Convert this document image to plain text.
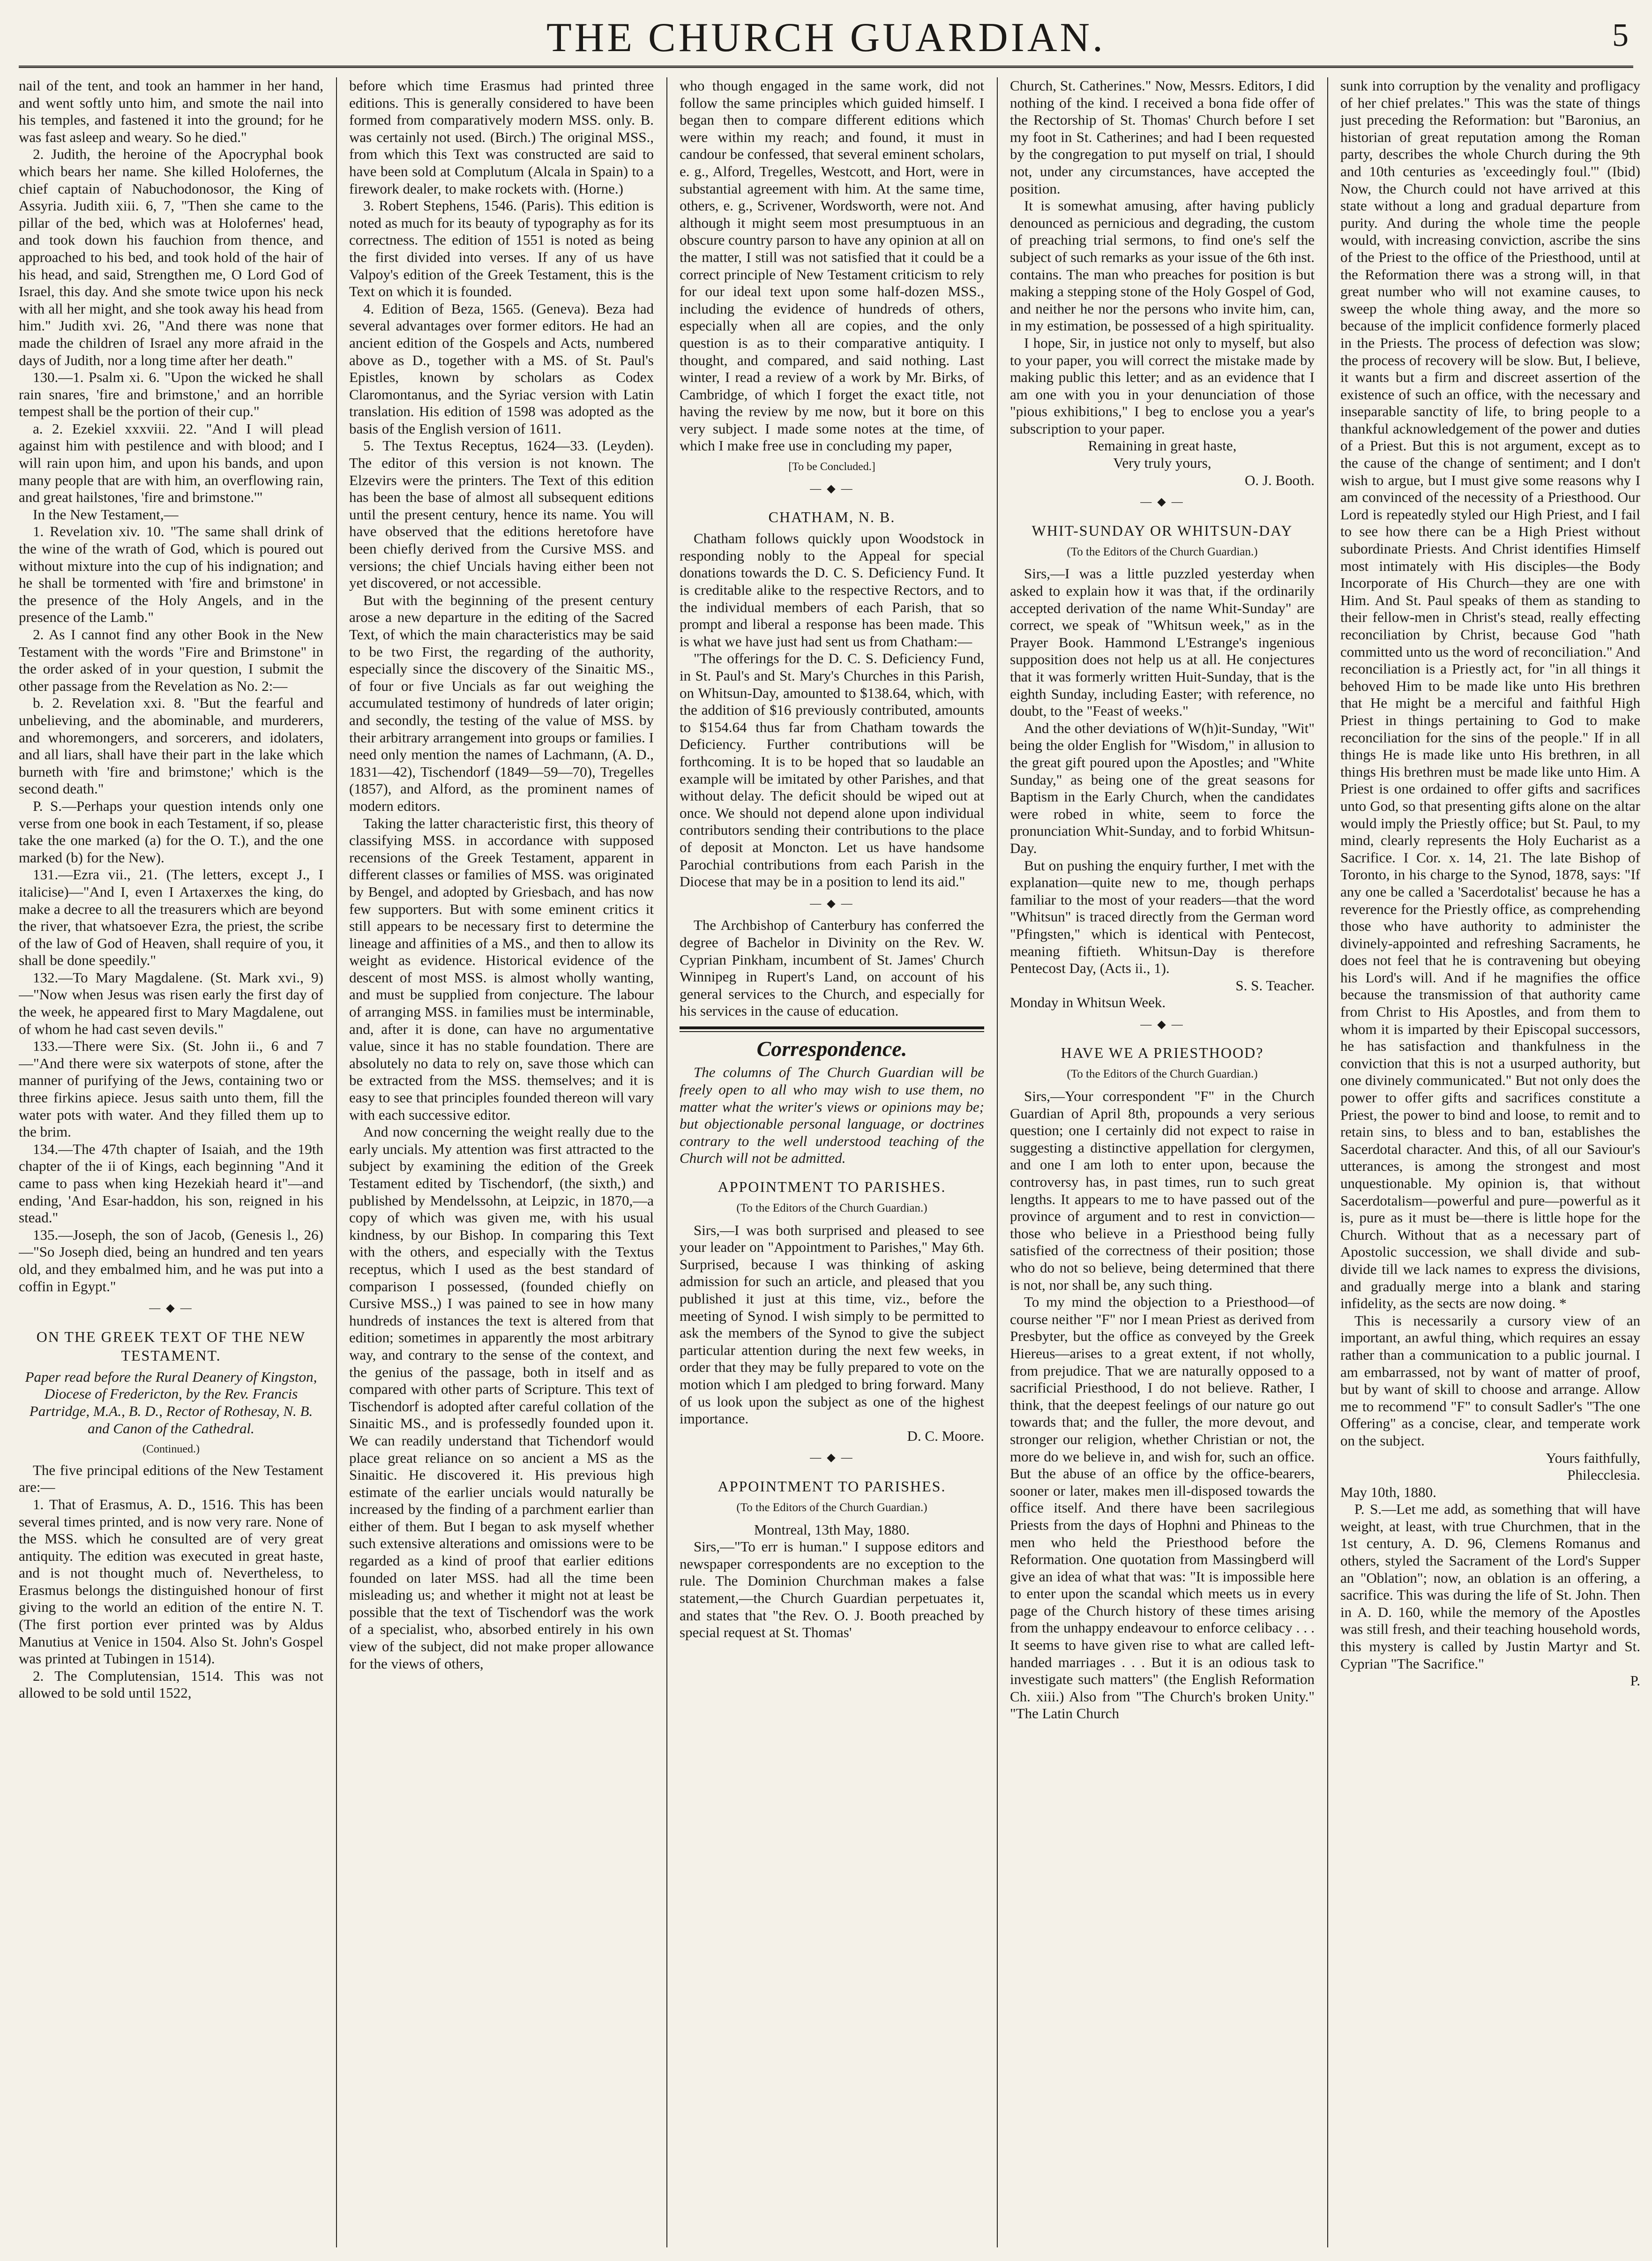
THE CHURCH GUARDIAN.	5

nail of the tent, and took an hammer in her hand, and went softly unto him, and smote the nail into his temples, and fastened it into the ground; for he was fast asleep and weary. So he died."

2. Judith, the heroine of the Apocryphal book which bears her name. She killed Holofernes, the chief captain of Nabuchodonosor, the King of Assyria. Judith xiii. 6, 7, "Then she came to the pillar of the bed, which was at Holofernes' head, and took down his fauchion from thence, and approached to his bed, and took hold of the hair of his head, and said, Strengthen me, O Lord God of Israel, this day. And she smote twice upon his neck with all her might, and she took away his head from him." Judith xvi. 26, "And there was none that made the children of Israel any more afraid in the days of Judith, nor a long time after her death."

130.—1. Psalm xi. 6. "Upon the wicked he shall rain snares, 'fire and brimstone,' and an horrible tempest shall be the portion of their cup."

a. 2. Ezekiel xxxviii. 22. "And I will plead against him with pestilence and with blood; and I will rain upon him, and upon his bands, and upon many people that are with him, an overflowing rain, and great hailstones, 'fire and brimstone.'"

In the New Testament,—

1. Revelation xiv. 10. "The same shall drink of the wine of the wrath of God, which is poured out without mixture into the cup of his indignation; and he shall be tormented with 'fire and brimstone' in the presence of the Holy Angels, and in the presence of the Lamb."

2. As I cannot find any other Book in the New Testament with the words "Fire and Brimstone" in the order asked of in your question, I submit the other passage from the Revelation as No. 2:—

b. 2. Revelation xxi. 8. "But the fearful and unbelieving, and the abominable, and murderers, and whoremongers, and sorcerers, and idolaters, and all liars, shall have their part in the lake which burneth with 'fire and brimstone;' which is the second death."

P. S.—Perhaps your question intends only one verse from one book in each Testament, if so, please take the one marked (a) for the O. T.), and the one marked (b) for the New).

131.—Ezra vii., 21. (The letters, except J., I italicise)—"And I, even I Artaxerxes the king, do make a decree to all the treasurers which are beyond the river, that whatsoever Ezra, the priest, the scribe of the law of God of Heaven, shall require of you, it shall be done speedily."

132.—To Mary Magdalene. (St. Mark xvi., 9)—"Now when Jesus was risen early the first day of the week, he appeared first to Mary Magdalene, out of whom he had cast seven devils."

133.—There were Six. (St. John ii., 6 and 7—"And there were six waterpots of stone, after the manner of purifying of the Jews, containing two or three firkins apiece. Jesus saith unto them, fill the water pots with water. And they filled them up to the brim.

134.—The 47th chapter of Isaiah, and the 19th chapter of the ii of Kings, each beginning "And it came to pass when king Hezekiah heard it"—and ending, 'And Esar-haddon, his son, reigned in his stead."

135.—Joseph, the son of Jacob, (Genesis l., 26)—"So Joseph died, being an hundred and ten years old, and they embalmed him, and he was put into a coffin in Egypt."

— ◆ —
ON THE GREEK TEXT OF THE NEW TESTAMENT.

Paper read before the Rural Deanery of Kingston, Diocese of Fredericton, by the Rev. Francis Partridge, M.A., B. D., Rector of Rothesay, N. B. and Canon of the Cathedral.

(Continued.)

The five principal editions of the New Testament are:—

1. That of Erasmus, A. D., 1516. This has been several times printed, and is now very rare. None of the MSS. which he consulted are of very great antiquity. The edition was executed in great haste, and is not thought much of. Nevertheless, to Erasmus belongs the distinguished honour of first giving to the world an edition of the entire N. T. (The first portion ever printed was by Aldus Manutius at Venice in 1504. Also St. John's Gospel was printed at Tubingen in 1514).

2. The Complutensian, 1514. This was not allowed to be sold until 1522,

before which time Erasmus had printed three editions. This is generally considered to have been formed from comparatively modern MSS. only. B. was certainly not used. (Birch.) The original MSS., from which this Text was constructed are said to have been sold at Complutum (Alcala in Spain) to a firework dealer, to make rockets with. (Horne.)

3. Robert Stephens, 1546. (Paris). This edition is noted as much for its beauty of typography as for its correctness. The edition of 1551 is noted as being the first divided into verses. If any of us have Valpoy's edition of the Greek Testament, this is the Text on which it is founded.

4. Edition of Beza, 1565. (Geneva). Beza had several advantages over former editors. He had an ancient edition of the Gospels and Acts, numbered above as D., together with a MS. of St. Paul's Epistles, known by scholars as Codex Claromontanus, and the Syriac version with Latin translation. His edition of 1598 was adopted as the basis of the English version of 1611.

5. The Textus Receptus, 1624—33. (Leyden). The editor of this version is not known. The Elzevirs were the printers. The Text of this edition has been the base of almost all subsequent editions until the present century, hence its name. You will have observed that the editions heretofore have been chiefly derived from the Cursive MSS. and versions; the chief Uncials having either been not yet discovered, or not accessible.

But with the beginning of the present century arose a new departure in the editing of the Sacred Text, of which the main characteristics may be said to be two First, the regarding of the authority, especially since the discovery of the Sinaitic MS., of four or five Uncials as far out weighing the accumulated testimony of hundreds of later origin; and secondly, the testing of the value of MSS. by their arbitrary arrangement into groups or families. I need only mention the names of Lachmann, (A. D., 1831—42), Tischendorf (1849—59—70), Tregelles (1857), and Alford, as the prominent names of modern editors.

Taking the latter characteristic first, this theory of classifying MSS. in accordance with supposed recensions of the Greek Testament, apparent in different classes or families of MSS. was originated by Bengel, and adopted by Griesbach, and has now few supporters. But with some eminent critics it still appears to be necessary first to determine the lineage and affinities of a MS., and then to allow its weight as evidence. Historical evidence of the descent of most MSS. is almost wholly wanting, and must be supplied from conjecture. The labour of arranging MSS. in families must be interminable, and, after it is done, can have no argumentative value, since it has no stable foundation. There are absolutely no data to rely on, save those which can be extracted from the MSS. themselves; and it is easy to see that principles founded thereon will vary with each successive editor.

And now concerning the weight really due to the early uncials. My attention was first attracted to the subject by examining the edition of the Greek Testament edited by Tischendorf, (the sixth,) and published by Mendelssohn, at Leipzic, in 1870,—a copy of which was given me, with his usual kindness, by our Bishop. In comparing this Text with the others, and especially with the Textus receptus, which I used as the best standard of comparison I possessed, (founded chiefly on Cursive MSS.,) I was pained to see in how many hundreds of instances the text is altered from that edition; sometimes in apparently the most arbitrary way, and contrary to the sense of the context, and the genius of the passage, both in itself and as compared with other parts of Scripture. This text of Tischendorf is adopted after careful collation of the Sinaitic MS., and is professedly founded upon it. We can readily understand that Tichendorf would place great reliance on so ancient a MS as the Sinaitic. He discovered it. His previous high estimate of the earlier uncials would naturally be increased by the finding of a parchment earlier than either of them. But I began to ask myself whether such extensive alterations and omissions were to be regarded as a kind of proof that earlier editions founded on later MSS. had all the time been misleading us; and whether it might not at least be possible that the text of Tischendorf was the work of a specialist, who, absorbed entirely in his own view of the subject, did not make proper allowance for the views of others,

who though engaged in the same work, did not follow the same principles which guided himself. I began then to compare different editions which were within my reach; and found, it must in candour be confessed, that several eminent scholars, e. g., Alford, Tregelles, Westcott, and Hort, were in substantial agreement with him. At the same time, others, e. g., Scrivener, Wordsworth, were not. And although it might seem most presumptuous in an obscure country parson to have any opinion at all on the matter, I still was not satisfied that it could be a correct principle of New Testament criticism to rely for our ideal text upon some half-dozen MSS., including the evidence of hundreds of others, especially when all are copies, and the only question is as to their comparative antiquity. I thought, and compared, and said nothing. Last winter, I read a review of a work by Mr. Birks, of Cambridge, of which I forget the exact title, not having the review by me now, but it bore on this very subject. I made some notes at the time, of which I make free use in concluding my paper,

[To be Concluded.]
— ◆ —
CHATHAM, N. B.

Chatham follows quickly upon Woodstock in responding nobly to the Appeal for special donations towards the D. C. S. Deficiency Fund. It is creditable alike to the respective Rectors, and to the individual members of each Parish, that so prompt and liberal a response has been made. This is what we have just had sent us from Chatham:—

"The offerings for the D. C. S. Deficiency Fund, in St. Paul's and St. Mary's Churches in this Parish, on Whitsun-Day, amounted to $138.64, which, with the addition of $16 previously contributed, amounts to $154.64 thus far from Chatham towards the Deficiency. Further contributions will be forthcoming. It is to be hoped that so laudable an example will be imitated by other Parishes, and that without delay. The deficit should be wiped out at once. We should not depend alone upon individual contributors sending their contributions to the place of deposit at Moncton. Let us have handsome Parochial contributions from each Parish in the Diocese that may be in a position to lend its aid."

— ◆ —

The Archbishop of Canterbury has conferred the degree of Bachelor in Divinity on the Rev. W. Cyprian Pinkham, incumbent of St. James' Church Winnipeg in Rupert's Land, on account of his general services to the Church, and especially for his services in the cause of education.

Correspondence.

The columns of The Church Guardian will be freely open to all who may wish to use them, no matter what the writer's views or opinions may be; but objectionable personal language, or doctrines contrary to the well understood teaching of the Church will not be admitted.

APPOINTMENT TO PARISHES.
(To the Editors of the Church Guardian.)

Sirs,—I was both surprised and pleased to see your leader on "Appointment to Parishes," May 6th. Surprised, because I was thinking of asking admission for such an article, and pleased that you published it just at this time, viz., before the meeting of Synod. I wish simply to be permitted to ask the members of the Synod to give the subject particular attention during the next few weeks, in order that they may be fully prepared to vote on the motion which I am pledged to bring forward. Many of us look upon the subject as one of the highest importance.

D. C. Moore.

— ◆ —
APPOINTMENT TO PARISHES.
(To the Editors of the Church Guardian.)

Montreal, 13th May, 1880.

Sirs,—"To err is human." I suppose editors and newspaper correspondents are no exception to the rule. The Dominion Churchman makes a false statement,—the Church Guardian perpetuates it, and states that "the Rev. O. J. Booth preached by special request at St. Thomas'

Church, St. Catherines." Now, Messrs. Editors, I did nothing of the kind. I received a bona fide offer of the Rectorship of St. Thomas' Church before I set my foot in St. Catherines; and had I been requested by the congregation to put myself on trial, I should not, under any circumstances, have accepted the position.

It is somewhat amusing, after having publicly denounced as pernicious and degrading, the custom of preaching trial sermons, to find one's self the subject of such remarks as your issue of the 6th inst. contains. The man who preaches for position is but making a stepping stone of the Holy Gospel of God, and neither he nor the persons who invite him, can, in my estimation, be possessed of a high spirituality.

I hope, Sir, in justice not only to myself, but also to your paper, you will correct the mistake made by making public this letter; and as an evidence that I am one with you in your denunciation of those "pious exhibitions," I beg to enclose you a year's subscription to your paper.

Remaining in great haste,

Very truly yours,

O. J. Booth.

— ◆ —
WHIT-SUNDAY OR WHITSUN-DAY
(To the Editors of the Church Guardian.)

Sirs,—I was a little puzzled yesterday when asked to explain how it was that, if the ordinarily accepted derivation of the name Whit-Sunday" are correct, we speak of "Whitsun week," as in the Prayer Book. Hammond L'Estrange's ingenious supposition does not help us at all. He conjectures that it was formerly written Huit-Sunday, that is the eighth Sunday, including Easter; with reference, no doubt, to the "Feast of weeks."

And the other deviations of W(h)it-Sunday, "Wit" being the older English for "Wisdom," in allusion to the great gift poured upon the Apostles; and "White Sunday," as being one of the great seasons for Baptism in the Early Church, when the candidates were robed in white, seem to force the pronunciation Whit-Sunday, and to forbid Whitsun-Day.

But on pushing the enquiry further, I met with the explanation—quite new to me, though perhaps familiar to the most of your readers—that the word "Whitsun" is traced directly from the German word "Pfingsten," which is identical with Pentecost, meaning fiftieth. Whitsun-Day is therefore Pentecost Day, (Acts ii., 1).

S. S. Teacher.

Monday in Whitsun Week.

— ◆ —
HAVE WE A PRIESTHOOD?
(To the Editors of the Church Guardian.)

Sirs,—Your correspondent "F" in the Church Guardian of April 8th, propounds a very serious question; one I certainly did not expect to raise in suggesting a distinctive appellation for clergymen, and one I am loth to enter upon, because the controversy has, in past times, run to such great lengths. It appears to me to have passed out of the province of argument and to rest in conviction—those who believe in a Priesthood being fully satisfied of the correctness of their position; those who do not so believe, being determined that there is not, nor shall be, any such thing.

To my mind the objection to a Priesthood—of course neither "F" nor I mean Priest as derived from Presbyter, but the office as conveyed by the Greek Hiereus—arises to a great extent, if not wholly, from prejudice. That we are naturally opposed to a sacrificial Priesthood, I do not believe. Rather, I think, that the deepest feelings of our nature go out towards that; and the fuller, the more devout, and stronger our religion, whether Christian or not, the more do we believe in, and wish for, such an office. But the abuse of an office by the office-bearers, sooner or later, makes men ill-disposed towards the office itself. And there have been sacrilegious Priests from the days of Hophni and Phineas to the men who held the Priesthood before the Reformation. One quotation from Massingberd will give an idea of what that was: "It is impossible here to enter upon the scandal which meets us in every page of the Church history of these times arising from the unhappy endeavour to enforce celibacy . . . It seems to have given rise to what are called left-handed marriages . . . But it is an odious task to investigate such matters" (the English Reformation Ch. xiii.) Also from "The Church's broken Unity." "The Latin Church

sunk into corruption by the venality and profligacy of her chief prelates." This was the state of things just preceding the Reformation: but "Baronius, an historian of great reputation among the Roman party, describes the whole Church during the 9th and 10th centuries as 'exceedingly foul.'" (Ibid) Now, the Church could not have arrived at this state without a long and gradual departure from purity. And during the whole time the people would, with increasing conviction, ascribe the sins of the Priest to the office of the Priesthood, until at the Reformation there was a strong will, in that great number who will not examine causes, to sweep the whole thing away, and the more so because of the implicit confidence formerly placed in the Priests. The process of defection was slow; the process of recovery will be slow. But, I believe, it wants but a firm and discreet assertion of the existence of such an office, with the necessary and inseparable sanctity of life, to bring people to a thankful acknowledgement of the power and duties of a Priest. But this is not argument, except as to the cause of the change of sentiment; and I don't wish to argue, but I must give some reasons why I am convinced of the necessity of a Priesthood. Our Lord is repeatedly styled our High Priest, and I fail to see how there can be a High Priest without subordinate Priests. And Christ identifies Himself most intimately with His disciples—the Body Incorporate of His Church—they are one with Him. And St. Paul speaks of them as standing to their fellow-men in Christ's stead, really effecting reconciliation by Christ, because God "hath committed unto us the word of reconciliation." And reconciliation is a Priestly act, for "in all things it behoved Him to be made like unto His brethren that He might be a merciful and faithful High Priest in things pertaining to God to make reconciliation for the sins of the people." If in all things He is made like unto His brethren, in all things His brethren must be made like unto Him. A Priest is one ordained to offer gifts and sacrifices unto God, so that presenting gifts alone on the altar would imply the Priestly office; but St. Paul, to my mind, clearly represents the Holy Eucharist as a Sacrifice. I Cor. x. 14, 21. The late Bishop of Toronto, in his charge to the Synod, 1878, says: "If any one be called a 'Sacerdotalist' because he has a reverence for the Priestly office, as comprehending those who have authority to administer the divinely-appointed and refreshing Sacraments, he does not feel that he is contravening but obeying his Lord's will. And if he magnifies the office because the transmission of that authority came from Christ to His Apostles, and from them to whom it is imparted by their Episcopal successors, he has satisfaction and thankfulness in the conviction that this is not a usurped authority, but one divinely communicated." But not only does the power to offer gifts and sacrifices constitute a Priest, the power to bind and loose, to remit and to retain sins, to bless and to ban, establishes the Sacerdotal character. And this, of all our Saviour's utterances, is among the strongest and most unquestionable. My opinion is, that without Sacerdotalism—powerful and pure—powerful as it is, pure as it must be—there is little hope for the Church. Without that as a necessary part of Apostolic succession, we shall divide and sub-divide till we lack names to express the divisions, and gradually merge into a blank and staring infidelity, as the sects are now doing. *

This is necessarily a cursory view of an important, an awful thing, which requires an essay rather than a communication to a public journal. I am embarrassed, not by want of matter of proof, but by want of skill to choose and arrange. Allow me to recommend "F" to consult Sadler's "The one Offering" as a concise, clear, and temperate work on the subject.

Yours faithfully,

Philecclesia.

May 10th, 1880.

P. S.—Let me add, as something that will have weight, at least, with true Churchmen, that in the 1st century, A. D. 96, Clemens Romanus and others, styled the Sacrament of the Lord's Supper an "Oblation"; now, an oblation is an offering, a sacrifice. This was during the life of St. John. Then in A. D. 160, while the memory of the Apostles was still fresh, and their teaching household words, this mystery is called by Justin Martyr and St. Cyprian "The Sacrifice."

P.
